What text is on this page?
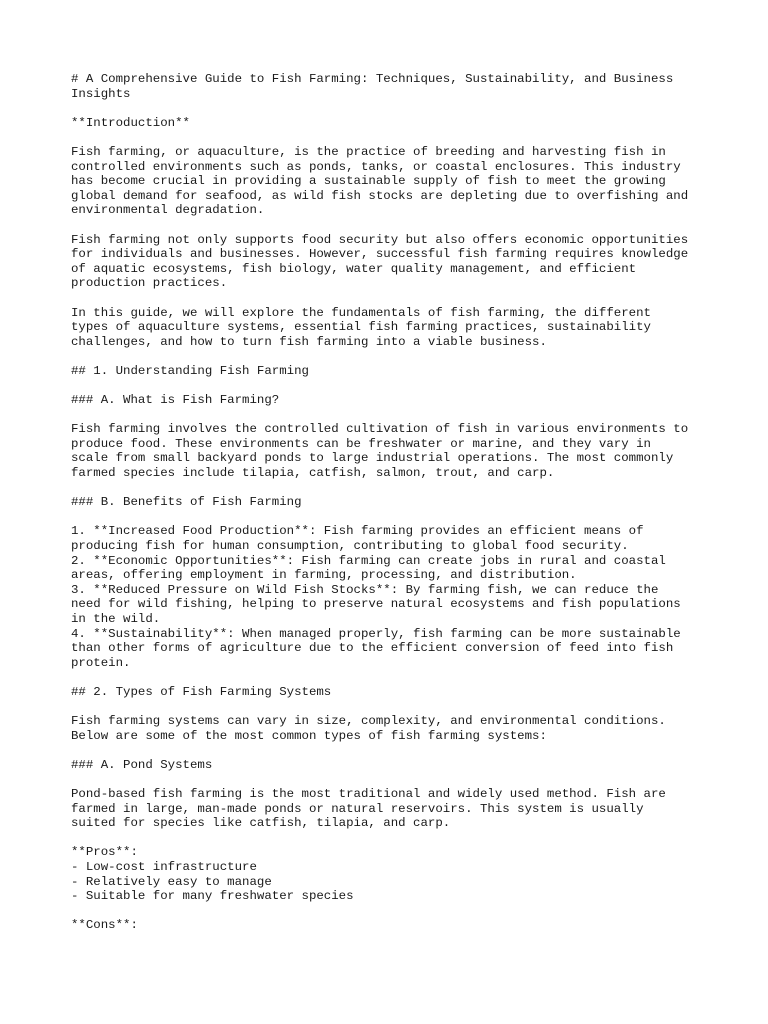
# A Comprehensive Guide to Fish Farming: Techniques, Sustainability, and Business
Insights
**Introduction**
Fish farming, or aquaculture, is the practice of breeding and harvesting fish in
controlled environments such as ponds, tanks, or coastal enclosures. This industry
has become crucial in providing a sustainable supply of fish to meet the growing
global demand for seafood, as wild fish stocks are depleting due to overfishing and
environmental degradation.
Fish farming not only supports food security but also offers economic opportunities
for individuals and businesses. However, successful fish farming requires knowledge
of aquatic ecosystems, fish biology, water quality management, and efficient
production practices.
In this guide, we will explore the fundamentals of fish farming, the different
types of aquaculture systems, essential fish farming practices, sustainability
challenges, and how to turn fish farming into a viable business.
## 1. Understanding Fish Farming
### A. What is Fish Farming?
Fish farming involves the controlled cultivation of fish in various environments to
produce food. These environments can be freshwater or marine, and they vary in
scale from small backyard ponds to large industrial operations. The most commonly
farmed species include tilapia, catfish, salmon, trout, and carp.
### B. Benefits of Fish Farming
1. **Increased Food Production**: Fish farming provides an efficient means of
producing fish for human consumption, contributing to global food security.
2. **Economic Opportunities**: Fish farming can create jobs in rural and coastal
areas, offering employment in farming, processing, and distribution.
3. **Reduced Pressure on Wild Fish Stocks**: By farming fish, we can reduce the
need for wild fishing, helping to preserve natural ecosystems and fish populations
in the wild.
4. **Sustainability**: When managed properly, fish farming can be more sustainable
than other forms of agriculture due to the efficient conversion of feed into fish
protein.
## 2. Types of Fish Farming Systems
Fish farming systems can vary in size, complexity, and environmental conditions.
Below are some of the most common types of fish farming systems:
### A. Pond Systems
Pond-based fish farming is the most traditional and widely used method. Fish are
farmed in large, man-made ponds or natural reservoirs. This system is usually
suited for species like catfish, tilapia, and carp.
**Pros**:
- Low-cost infrastructure
- Relatively easy to manage
- Suitable for many freshwater species
**Cons**:
